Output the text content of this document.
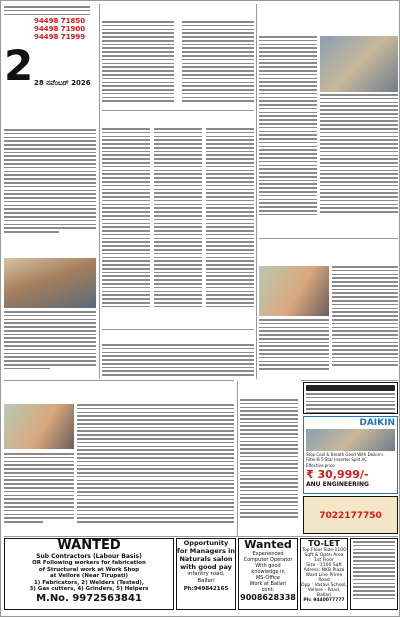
94498 71850
94498 71900
94498 71999
2 28 ನವೆಂಬರ್ 2026
DAIKIN
Stop Cool & Breath Good With Daikin's Filter-B 5 Star Inverter Split AC
Effective price
₹ 30,999/-
ANU ENGINEERING
7022177750
WANTED
Sub Contractors (Labour Basis)
OR Following workers for fabrication
of Structural work at Work Shop
at Vellore (Near Tirupati)
1) Fabricators, 2) Welders (Tested),
3) Gas cutters, 4) Grinders, 5) Helpers
M.No. 9972563841
Opportunity
for Managers in
Naturals salon
with good pay
infantry road,
Ballari
Ph:949842165
Wanted
Experienced
Computer Operator
With good
knowledge in
MS-Office
Work at Ballari
cont:
9008628338
TO-LET
Top Floor Size-1100
Sqft & Open Area
1st Floor
Size - 1100 Sqft
Adress: NKB Plaza
Ward Line Prime Road
Opp : Vasavi School,
Vellore - Road, Ballari
Ph: 9440077777
